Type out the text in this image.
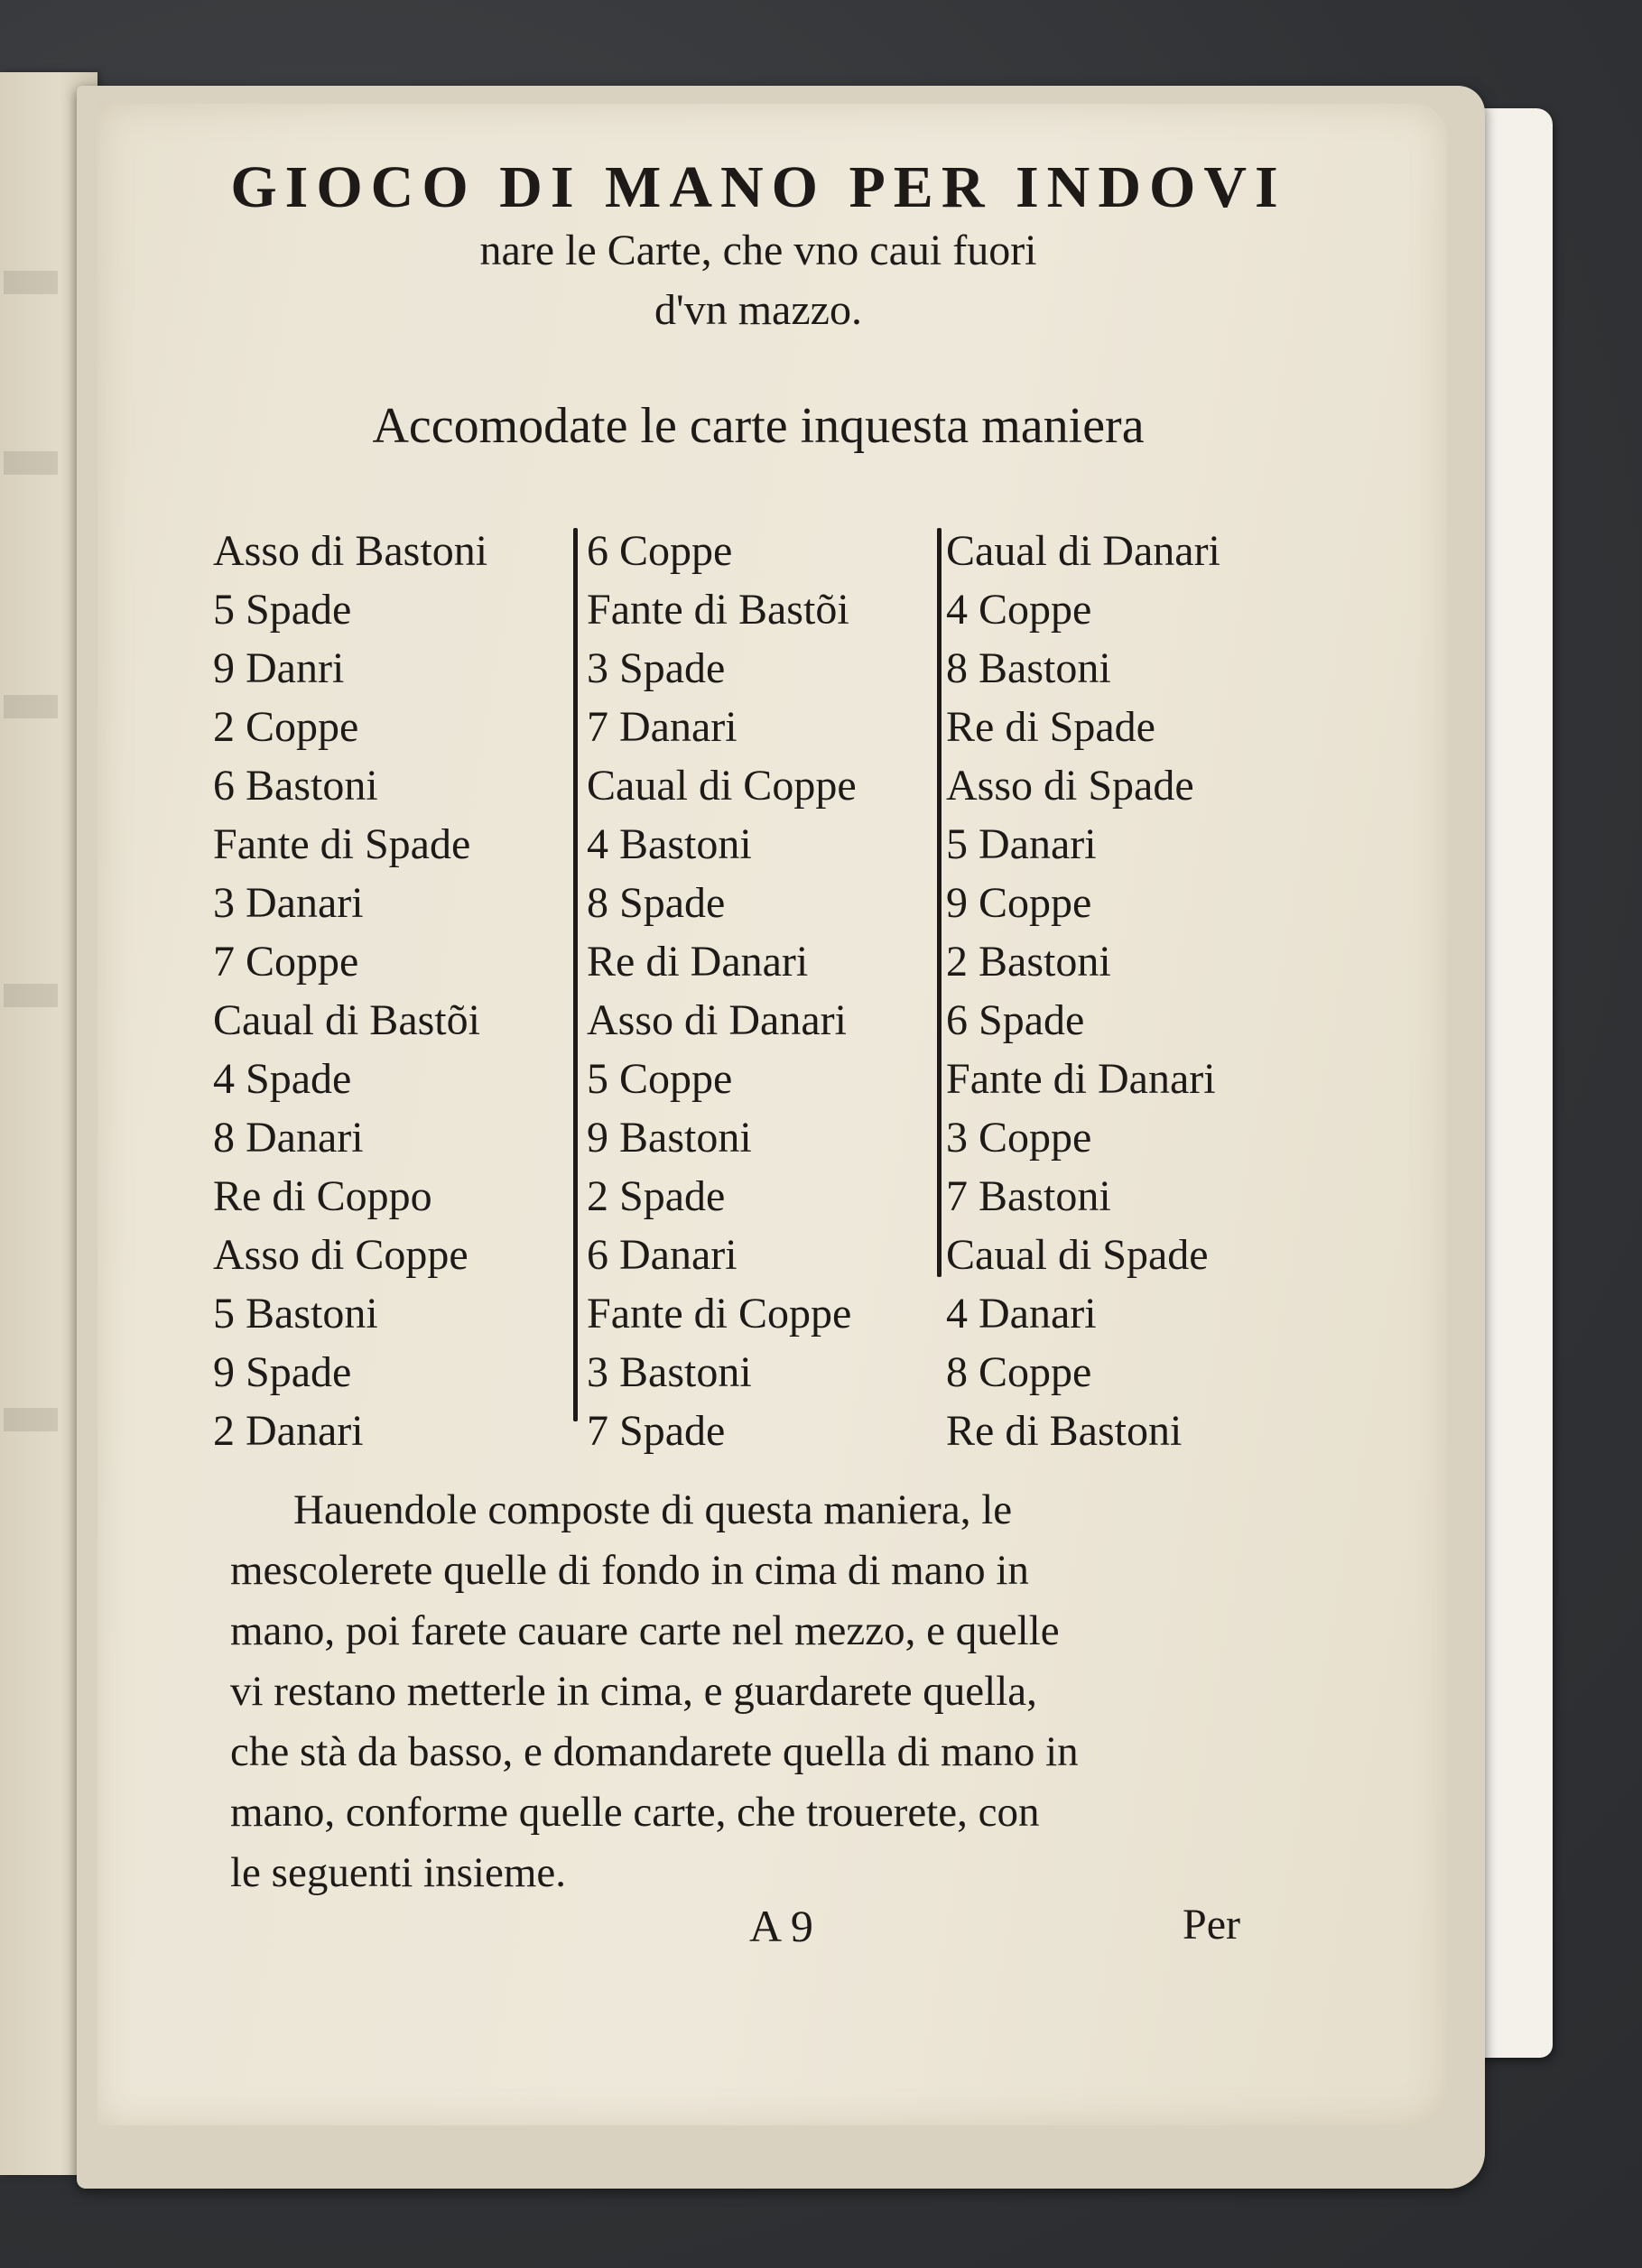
GIOCO DI MANO PER INDOVI
nare le Carte, che vno caui fuori
d'vn mazzo.
Accomodate le carte inquesta maniera
Asso di Bastoni
5 Spade
9 Danri
2 Coppe
6 Bastoni
Fante di Spade
3 Danari
7 Coppe
Caual di Bastõi
4 Spade
8 Danari
Re di Coppo
Asso di Coppe
5 Bastoni
9 Spade
2 Danari
6 Coppe
Fante di Bastõi
3 Spade
7 Danari
Caual di Coppe
4 Bastoni
8 Spade
Re di Danari
Asso di Danari
5 Coppe
9 Bastoni
2 Spade
6 Danari
Fante di Coppe
3 Bastoni
7 Spade
Caual di Danari
4 Coppe
8 Bastoni
Re di Spade
Asso di Spade
5 Danari
9 Coppe
2 Bastoni
6 Spade
Fante di Danari
3 Coppe
7 Bastoni
Caual di Spade
4 Danari
8 Coppe
Re di Bastoni
Hauendole composte di questa maniera, le
mescolerete quelle di fondo in cima di mano in
mano, poi farete cauare carte nel mezzo, e quelle
vi restano metterle in cima, e guardarete quella,
che stà da basso, e domandarete quella di mano in
mano, conforme quelle carte, che trouerete, con
le seguenti insieme.
A 9	Per
